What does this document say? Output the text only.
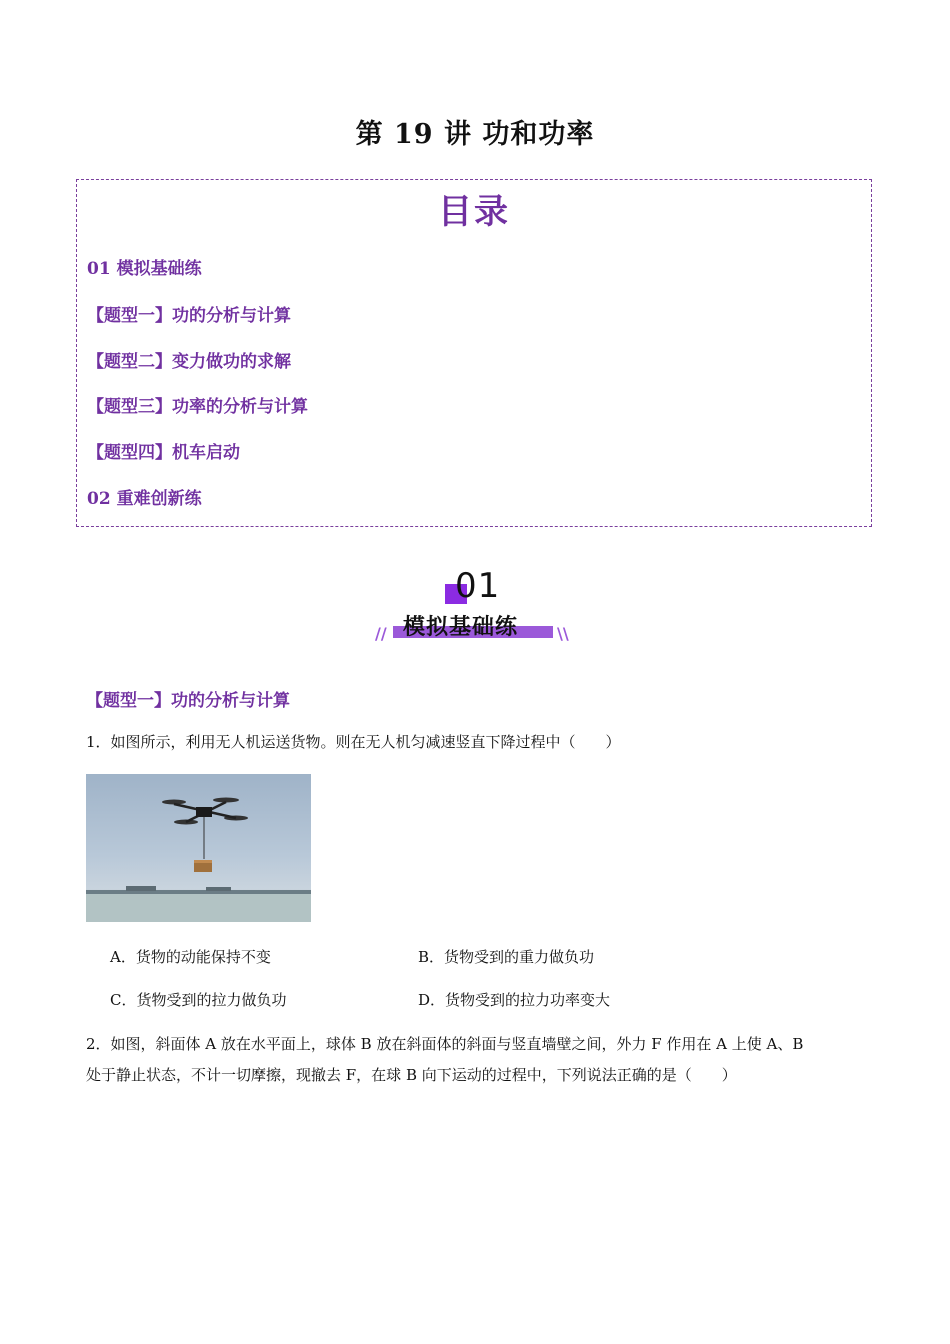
第 19 讲 功和功率
目录
01 模拟基础练
【题型一】功的分析与计算
【题型二】变力做功的求解
【题型三】功率的分析与计算
【题型四】机车启动
02 重难创新练
01
模拟基础练
//	\\
【题型一】功的分析与计算
1．如图所示，利用无人机运送货物。则在无人机匀减速竖直下降过程中（　　）
A．货物的动能保持不变	B．货物受到的重力做负功
C．货物受到的拉力做负功	D．货物受到的拉力功率变大
2．如图，斜面体 A 放在水平面上，球体 B 放在斜面体的斜面与竖直墙壁之间，外力 F 作用在 A 上使 A、B
处于静止状态，不计一切摩擦，现撤去 F，在球 B 向下运动的过程中，下列说法正确的是（　　）
